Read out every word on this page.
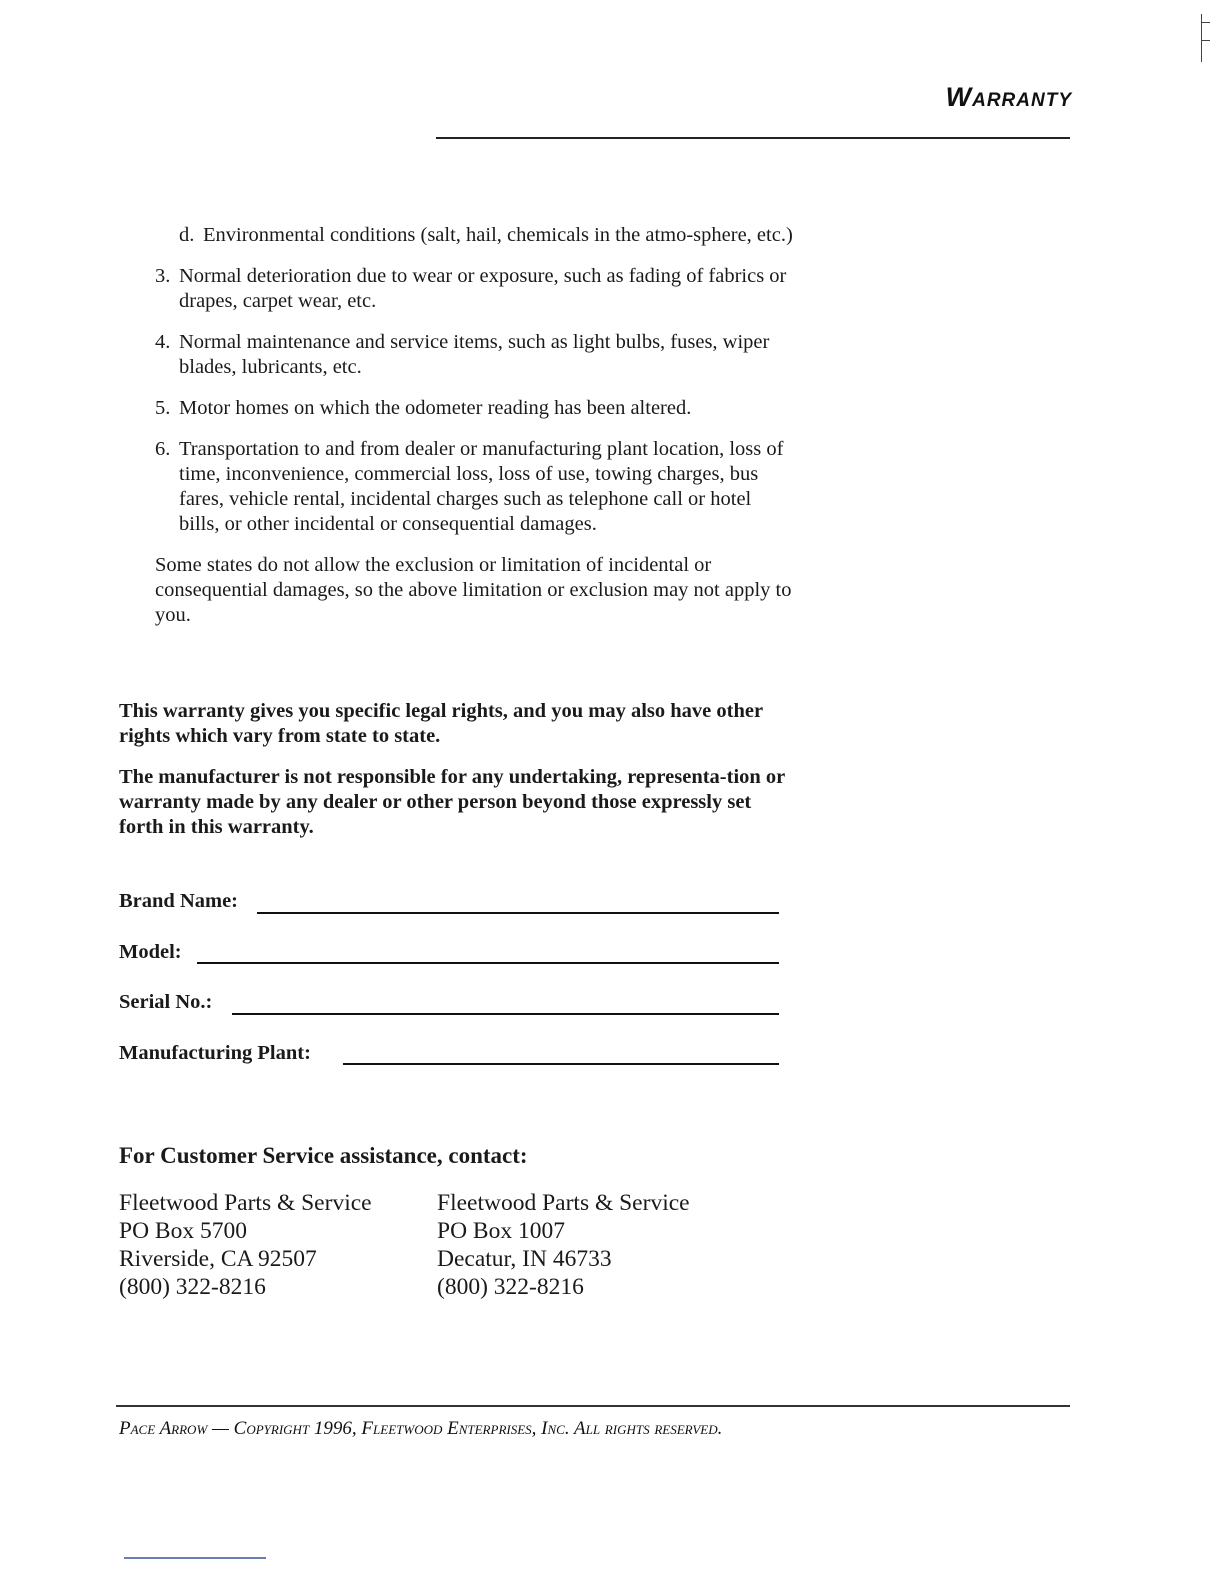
Warranty
d. Environmental conditions (salt, hail, chemicals in the atmo-sphere, etc.)
3. Normal deterioration due to wear or exposure, such as fading of fabrics or drapes, carpet wear, etc.
4. Normal maintenance and service items, such as light bulbs, fuses, wiper blades, lubricants, etc.
5. Motor homes on which the odometer reading has been altered.
6. Transportation to and from dealer or manufacturing plant location, loss of time, inconvenience, commercial loss, loss of use, towing charges, bus fares, vehicle rental, incidental charges such as telephone call or hotel bills, or other incidental or consequential damages.
Some states do not allow the exclusion or limitation of incidental or consequential damages, so the above limitation or exclusion may not apply to you.
This warranty gives you specific legal rights, and you may also have other rights which vary from state to state.
The manufacturer is not responsible for any undertaking, representa-tion or warranty made by any dealer or other person beyond those expressly set forth in this warranty.
Brand Name:
Model:
Serial No.:
Manufacturing Plant:
For Customer Service assistance, contact:
Fleetwood Parts & Service
PO Box 5700
Riverside, CA 92507
(800) 322-8216
Fleetwood Parts & Service
PO Box 1007
Decatur, IN 46733
(800) 322-8216
Pace Arrow — Copyright 1996, Fleetwood Enterprises, Inc. All rights reserved.
